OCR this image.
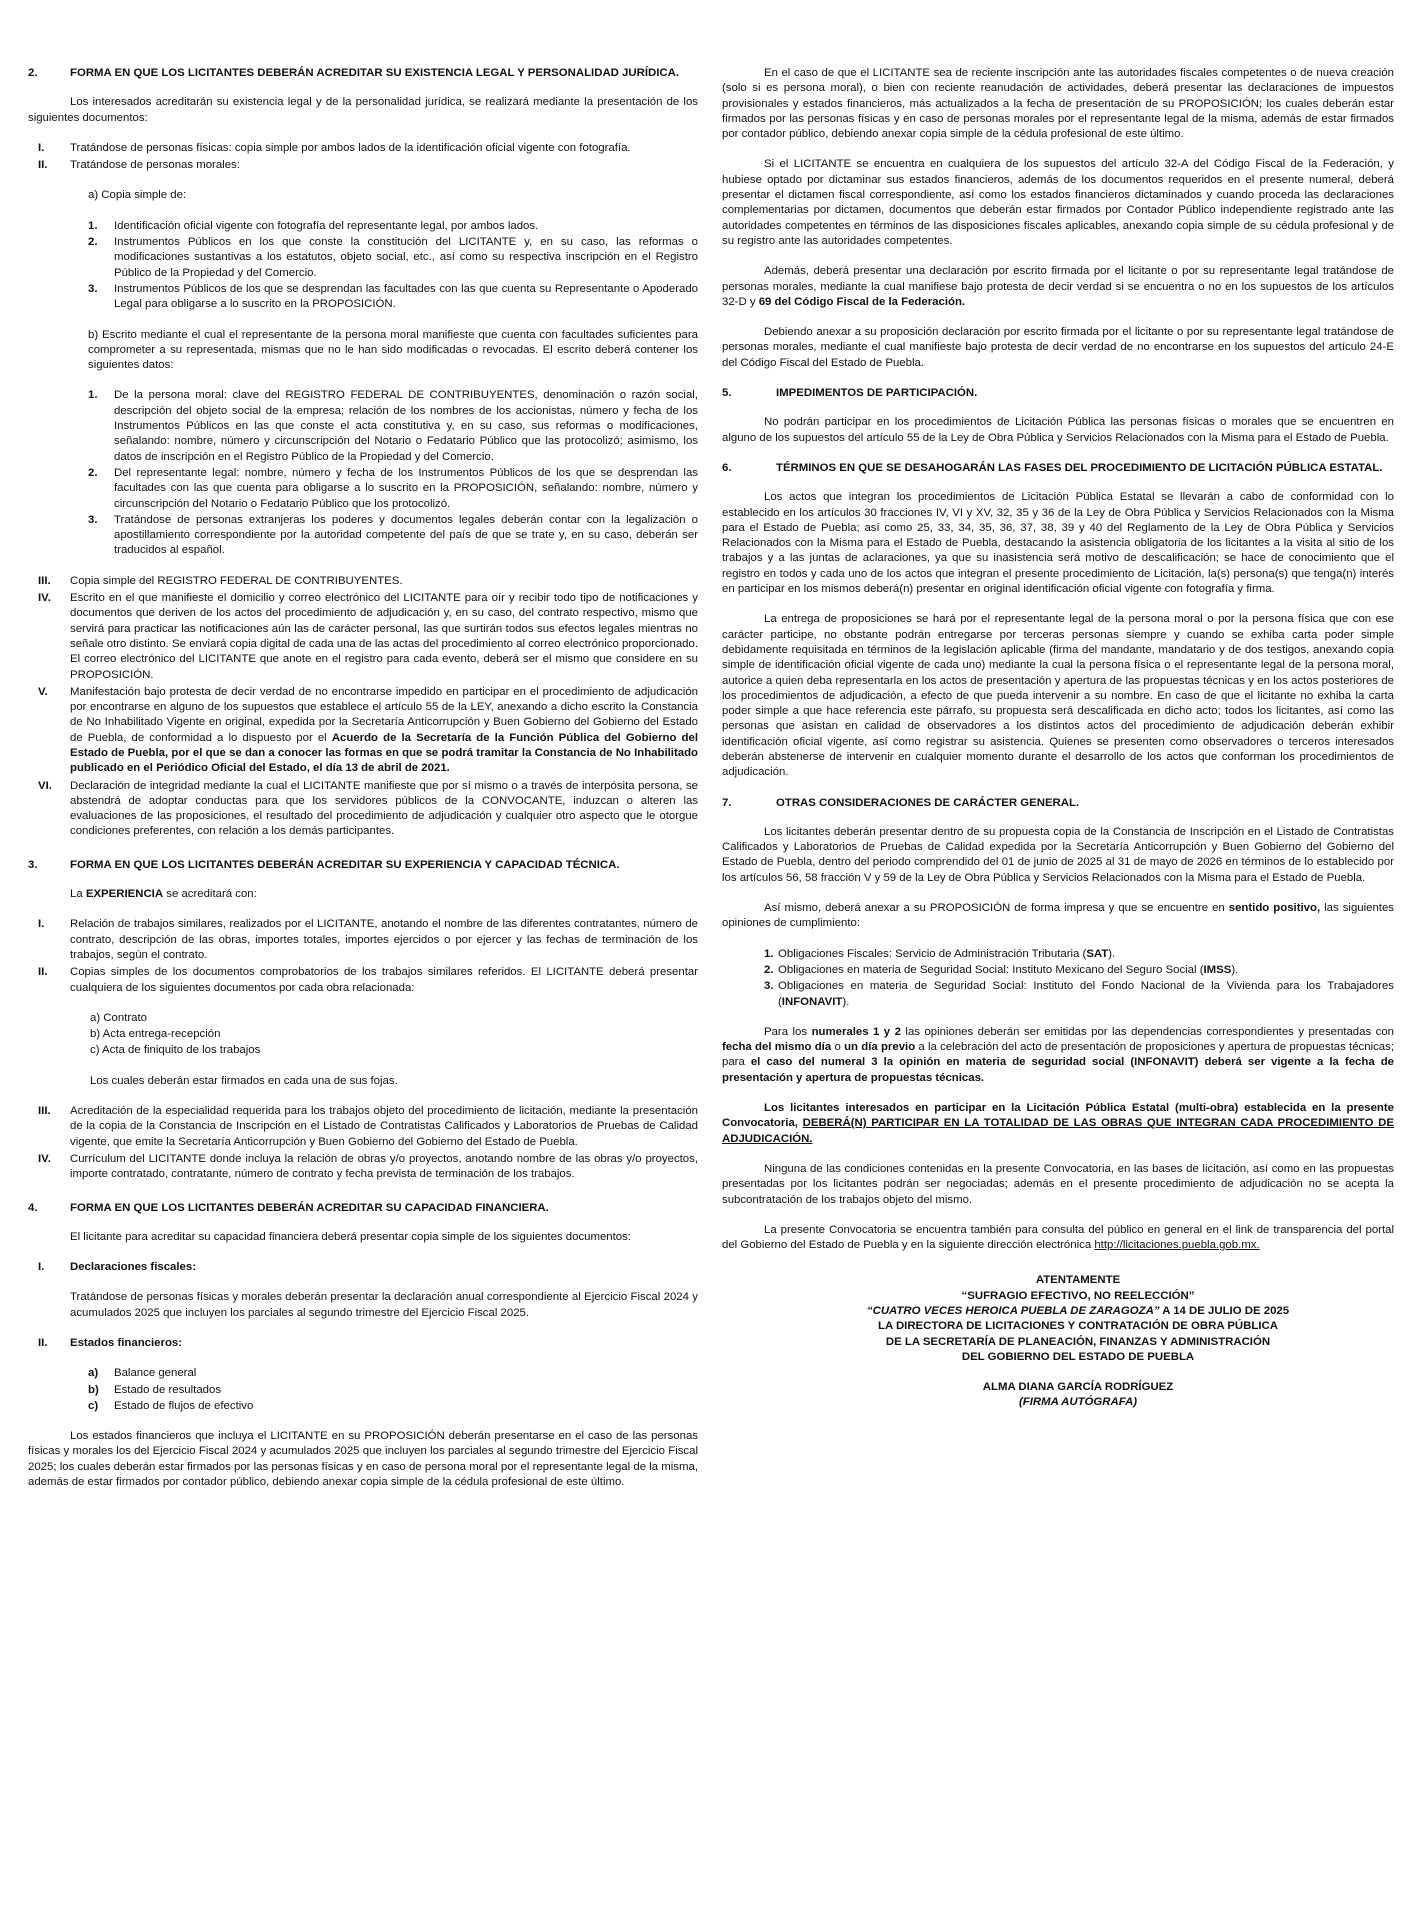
2.	FORMA EN QUE LOS LICITANTES DEBERÁN ACREDITAR SU EXISTENCIA LEGAL Y PERSONALIDAD JURÍDICA.

Los interesados acreditarán su existencia legal y de la personalidad jurídica, se realizará mediante la presentación de los siguientes documentos:

I.	Tratándose de personas físicas: copia simple por ambos lados de la identificación oficial vigente con fotografía.
II.	Tratándose de personas morales:

a) Copia simple de:

1.	Identificación oficial vigente con fotografía del representante legal, por ambos lados.
2.	Instrumentos Públicos en los que conste la constitución del LICITANTE y, en su caso, las reformas o modificaciones sustantivas a los estatutos, objeto social, etc., así como su respectiva inscripción en el Registro Público de la Propiedad y del Comercio.
3.	Instrumentos Públicos de los que se desprendan las facultades con las que cuenta su Representante o Apoderado Legal para obligarse a lo suscrito en la PROPOSICIÓN.

b) Escrito mediante el cual el representante de la persona moral manifieste que cuenta con facultades suficientes para comprometer a su representada, mismas que no le han sido modificadas o revocadas. El escrito deberá contener los siguientes datos:

1.	De la persona moral: clave del REGISTRO FEDERAL DE CONTRIBUYENTES, denominación o razón social, descripción del objeto social de la empresa; relación de los nombres de los accionistas, número y fecha de los Instrumentos Públicos en las que conste el acta constitutiva y, en su caso, sus reformas o modificaciones, señalando: nombre, número y circunscripción del Notario o Fedatario Público que las protocolizó; asimismo, los datos de inscripción en el Registro Público de la Propiedad y del Comercio.
2.	Del representante legal: nombre, número y fecha de los Instrumentos Públicos de los que se desprendan las facultades con las que cuenta para obligarse a lo suscrito en la PROPOSICIÓN, señalando: nombre, número y circunscripción del Notario o Fedatario Público que los protocolizó.
3.	Tratándose de personas extranjeras los poderes y documentos legales deberán contar con la legalización o apostillamiento correspondiente por la autoridad competente del país de que se trate y, en su caso, deberán ser traducidos al español.
III.	Copia simple del REGISTRO FEDERAL DE CONTRIBUYENTES.
IV.	Escrito en el que manifieste el domicilio y correo electrónico del LICITANTE para oír y recibir todo tipo de notificaciones y documentos que deriven de los actos del procedimiento de adjudicación y, en su caso, del contrato respectivo, mismo que servirá para practicar las notificaciones aún las de carácter personal, las que surtirán todos sus efectos legales mientras no señale otro distinto. Se enviará copia digital de cada una de las actas del procedimiento al correo electrónico proporcionado. El correo electrónico del LICITANTE que anote en el registro para cada evento, deberá ser el mismo que considere en su PROPOSICIÓN.
V.	Manifestación bajo protesta de decir verdad de no encontrarse impedido en participar en el procedimiento de adjudicación por encontrarse en alguno de los supuestos que establece el artículo 55 de la LEY, anexando a dicho escrito la Constancia de No Inhabilitado Vigente en original, expedida por la Secretaría Anticorrupción y Buen Gobierno del Gobierno del Estado de Puebla, de conformidad a lo dispuesto por el Acuerdo de la Secretaría de la Función Pública del Gobierno del Estado de Puebla, por el que se dan a conocer las formas en que se podrá tramitar la Constancia de No Inhabilitado publicado en el Periódico Oficial del Estado, el día 13 de abril de 2021.
VI.	Declaración de integridad mediante la cual el LICITANTE manifieste que por sí mismo o a través de interpósita persona, se abstendrá de adoptar conductas para que los servidores públicos de la CONVOCANTE, induzcan o alteren las evaluaciones de las proposiciones, el resultado del procedimiento de adjudicación y cualquier otro aspecto que le otorgue condiciones preferentes, con relación a los demás participantes.
3.	FORMA EN QUE LOS LICITANTES DEBERÁN ACREDITAR SU EXPERIENCIA Y CAPACIDAD TÉCNICA.

La EXPERIENCIA se acreditará con:

I.	Relación de trabajos similares, realizados por el LICITANTE, anotando el nombre de las diferentes contratantes, número de contrato, descripción de las obras, importes totales, importes ejercidos o por ejercer y las fechas de terminación de los trabajos, según el contrato.
II.	Copias simples de los documentos comprobatorios de los trabajos similares referidos. El LICITANTE deberá presentar cualquiera de los siguientes documentos por cada obra relacionada:
a) Contrato
b) Acta entrega-recepción
c) Acta de finiquito de los trabajos

Los cuales deberán estar firmados en cada una de sus fojas.

III.	Acreditación de la especialidad requerida para los trabajos objeto del procedimiento de licitación, mediante la presentación de la copia de la Constancia de Inscripción en el Listado de Contratistas Calificados y Laboratorios de Pruebas de Calidad vigente, que emite la Secretaría Anticorrupción y Buen Gobierno del Gobierno del Estado de Puebla.
IV.	Currículum del LICITANTE donde incluya la relación de obras y/o proyectos, anotando nombre de las obras y/o proyectos, importe contratado, contratante, número de contrato y fecha prevista de terminación de los trabajos.
4.	FORMA EN QUE LOS LICITANTES DEBERÁN ACREDITAR SU CAPACIDAD FINANCIERA.

El licitante para acreditar su capacidad financiera deberá presentar copia simple de los siguientes documentos:

I.	Declaraciones fiscales:

Tratándose de personas físicas y morales deberán presentar la declaración anual correspondiente al Ejercicio Fiscal 2024 y acumulados 2025 que incluyen los parciales al segundo trimestre del Ejercicio Fiscal 2025.

II.	Estados financieros:
a)	Balance general
b)	Estado de resultados
c)	Estado de flujos de efectivo

Los estados financieros que incluya el LICITANTE en su PROPOSICIÓN deberán presentarse en el caso de las personas físicas y morales los del Ejercicio Fiscal 2024 y acumulados 2025 que incluyen los parciales al segundo trimestre del Ejercicio Fiscal 2025; los cuales deberán estar firmados por las personas físicas y en caso de persona moral por el representante legal de la misma, además de estar firmados por contador público, debiendo anexar copia simple de la cédula profesional de este último.

En el caso de que el LICITANTE sea de reciente inscripción ante las autoridades fiscales competentes o de nueva creación (solo si es persona moral), o bien con reciente reanudación de actividades, deberá presentar las declaraciones de impuestos provisionales y estados financieros, más actualizados a la fecha de presentación de su PROPOSICIÓN; los cuales deberán estar firmados por las personas físicas y en caso de personas morales por el representante legal de la misma, además de estar firmados por contador público, debiendo anexar copia simple de la cédula profesional de este último.

Si el LICITANTE se encuentra en cualquiera de los supuestos del artículo 32-A del Código Fiscal de la Federación, y hubiese optado por dictaminar sus estados financieros, además de los documentos requeridos en el presente numeral, deberá presentar el dictamen fiscal correspondiente, así como los estados financieros dictaminados y cuando proceda las declaraciones complementarias por dictamen, documentos que deberán estar firmados por Contador Público independiente registrado ante las autoridades competentes en términos de las disposiciones fiscales aplicables, anexando copia simple de su cédula profesional y de su registro ante las autoridades competentes.

Además, deberá presentar una declaración por escrito firmada por el licitante o por su representante legal tratándose de personas morales, mediante la cual manifiese bajo protesta de decir verdad si se encuentra o no en los supuestos de los artículos 32-D y 69 del Código Fiscal de la Federación.

Debiendo anexar a su proposición declaración por escrito firmada por el licitante o por su representante legal tratándose de personas morales, mediante el cual manifieste bajo protesta de decir verdad de no encontrarse en los supuestos del artículo 24-E del Código Fiscal del Estado de Puebla.

5.	IMPEDIMENTOS DE PARTICIPACIÓN.

No podrán participar en los procedimientos de Licitación Pública las personas físicas o morales que se encuentren en alguno de los supuestos del artículo 55 de la Ley de Obra Pública y Servicios Relacionados con la Misma para el Estado de Puebla.

6.	TÉRMINOS EN QUE SE DESAHOGARÁN LAS FASES DEL PROCEDIMIENTO DE LICITACIÓN PÚBLICA ESTATAL.

Los actos que integran los procedimientos de Licitación Pública Estatal se llevarán a cabo de conformidad con lo establecido en los artículos 30 fracciones IV, VI y XV, 32, 35 y 36 de la Ley de Obra Pública y Servicios Relacionados con la Misma para el Estado de Puebla; así como 25, 33, 34, 35, 36, 37, 38, 39 y 40 del Reglamento de la Ley de Obra Pública y Servicios Relacionados con la Misma para el Estado de Puebla, destacando la asistencia obligatoria de los licitantes a la visita al sitio de los trabajos y a las juntas de aclaraciones, ya que su inasistencia será motivo de descalificación; se hace de conocimiento que el registro en todos y cada uno de los actos que integran el presente procedimiento de Licitación, la(s) persona(s) que tenga(n) interés en participar en los mismos deberá(n) presentar en original identificación oficial vigente con fotografía y firma.

La entrega de proposiciones se hará por el representante legal de la persona moral o por la persona física que con ese carácter participe, no obstante podrán entregarse por terceras personas siempre y cuando se exhiba carta poder simple debidamente requisitada en términos de la legislación aplicable (firma del mandante, mandatario y de dos testigos, anexando copia simple de identificación oficial vigente de cada uno) mediante la cual la persona física o el representante legal de la persona moral, autorice a quien deba representarla en los actos de presentación y apertura de las propuestas técnicas y en los actos posteriores de los procedimientos de adjudicación, a efecto de que pueda intervenir a su nombre. En caso de que el licitante no exhiba la carta poder simple a que hace referencia este párrafo, su propuesta será descalificada en dicho acto; todos los licitantes, así como las personas que asistan en calidad de observadores a los distintos actos del procedimiento de adjudicación deberán exhibir identificación oficial vigente, así como registrar su asistencia. Quienes se presenten como observadores o terceros interesados deberán abstenerse de intervenir en cualquier momento durante el desarrollo de los actos que conforman los procedimientos de adjudicación.

7.	OTRAS CONSIDERACIONES DE CARÁCTER GENERAL.

Los licitantes deberán presentar dentro de su propuesta copia de la Constancia de Inscripción en el Listado de Contratistas Calificados y Laboratorios de Pruebas de Calidad expedida por la Secretaría Anticorrupción y Buen Gobierno del Gobierno del Estado de Puebla, dentro del periodo comprendido del 01 de junio de 2025 al 31 de mayo de 2026 en términos de lo establecido por los artículos 56, 58 fracción V y 59 de la Ley de Obra Pública y Servicios Relacionados con la Misma para el Estado de Puebla.

Así mismo, deberá anexar a su PROPOSICIÓN de forma impresa y que se encuentre en sentido positivo, las siguientes opiniones de cumplimiento:

1. Obligaciones Fiscales: Servicio de Administración Tributaria (SAT).
2. Obligaciones en materia de Seguridad Social: Instituto Mexicano del Seguro Social (IMSS).
3. Obligaciones en materia de Seguridad Social: Instituto del Fondo Nacional de la Vivienda para los Trabajadores (INFONAVIT).

Para los numerales 1 y 2 las opiniones deberán ser emitidas por las dependencias correspondientes y presentadas con fecha del mismo día o un día previo a la celebración del acto de presentación de proposiciones y apertura de propuestas técnicas; para el caso del numeral 3 la opinión en materia de seguridad social (INFONAVIT) deberá ser vigente a la fecha de presentación y apertura de propuestas técnicas.

Los licitantes interesados en participar en la Licitación Pública Estatal (multi-obra) establecida en la presente Convocatoria, DEBERÁ(N) PARTICIPAR EN LA TOTALIDAD DE LAS OBRAS QUE INTEGRAN CADA PROCEDIMIENTO DE ADJUDICACIÓN.

Ninguna de las condiciones contenidas en la presente Convocatoria, en las bases de licitación, así como en las propuestas presentadas por los licitantes podrán ser negociadas; además en el presente procedimiento de adjudicación no se acepta la subcontratación de los trabajos objeto del mismo.

La presente Convocatoria se encuentra también para consulta del público en general en el link de transparencia del portal del Gobierno del Estado de Puebla y en la siguiente dirección electrónica http://licitaciones.puebla.gob.mx.

ATENTAMENTE
“SUFRAGIO EFECTIVO, NO REELECCIÓN”
“CUATRO VECES HEROICA PUEBLA DE ZARAGOZA” A 14 DE JULIO DE 2025
LA DIRECTORA DE LICITACIONES Y CONTRATACIÓN DE OBRA PÚBLICA
DE LA SECRETARÍA DE PLANEACIÓN, FINANZAS Y ADMINISTRACIÓN
DEL GOBIERNO DEL ESTADO DE PUEBLA
ALMA DIANA GARCÍA RODRÍGUEZ
(FIRMA AUTÓGRAFA)
